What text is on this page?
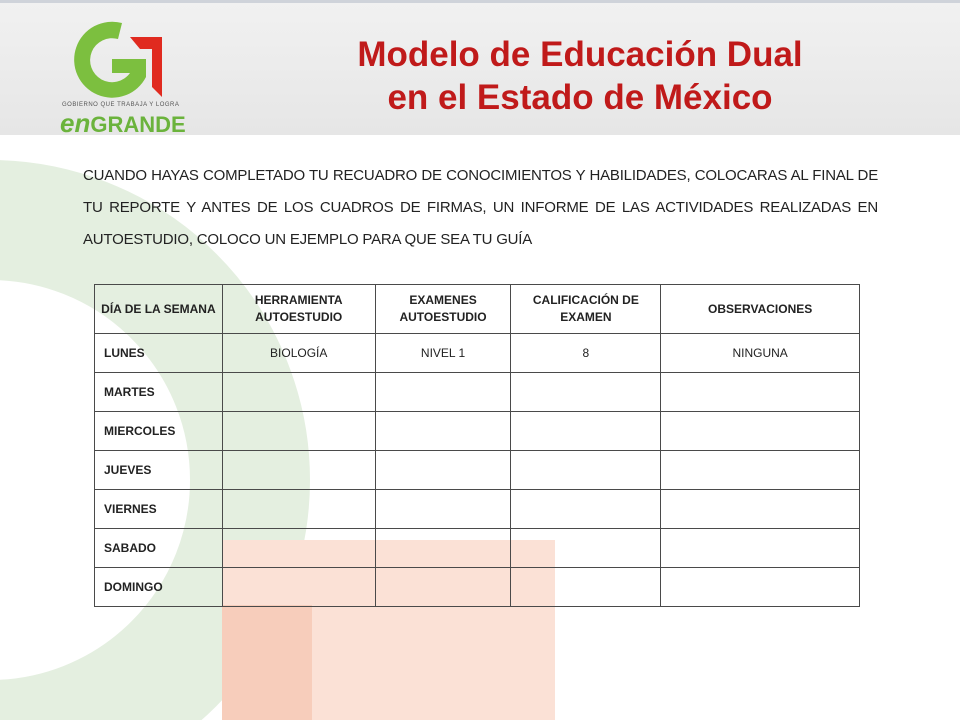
GOBIERNO QUE TRABAJA Y LOGRA
enGRANDE
Modelo de Educación Dual
en el Estado de México

CUANDO HAYAS COMPLETADO TU RECUADRO DE CONOCIMIENTOS Y HABILIDADES, COLOCARAS AL FINAL DE TU REPORTE Y ANTES DE LOS CUADROS DE FIRMAS, UN INFORME DE LAS ACTIVIDADES REALIZADAS EN AUTOESTUDIO, COLOCO UN EJEMPLO PARA QUE SEA TU GUÍA

DÍA DE LA SEMANA	HERRAMIENTA AUTOESTUDIO	EXAMENES AUTOESTUDIO	CALIFICACIÓN DE EXAMEN	OBSERVACIONES
LUNES	BIOLOGÍA	NIVEL 1	8	NINGUNA
MARTES				
MIERCOLES				
JUEVES				
VIERNES				
SABADO				
DOMINGO				
